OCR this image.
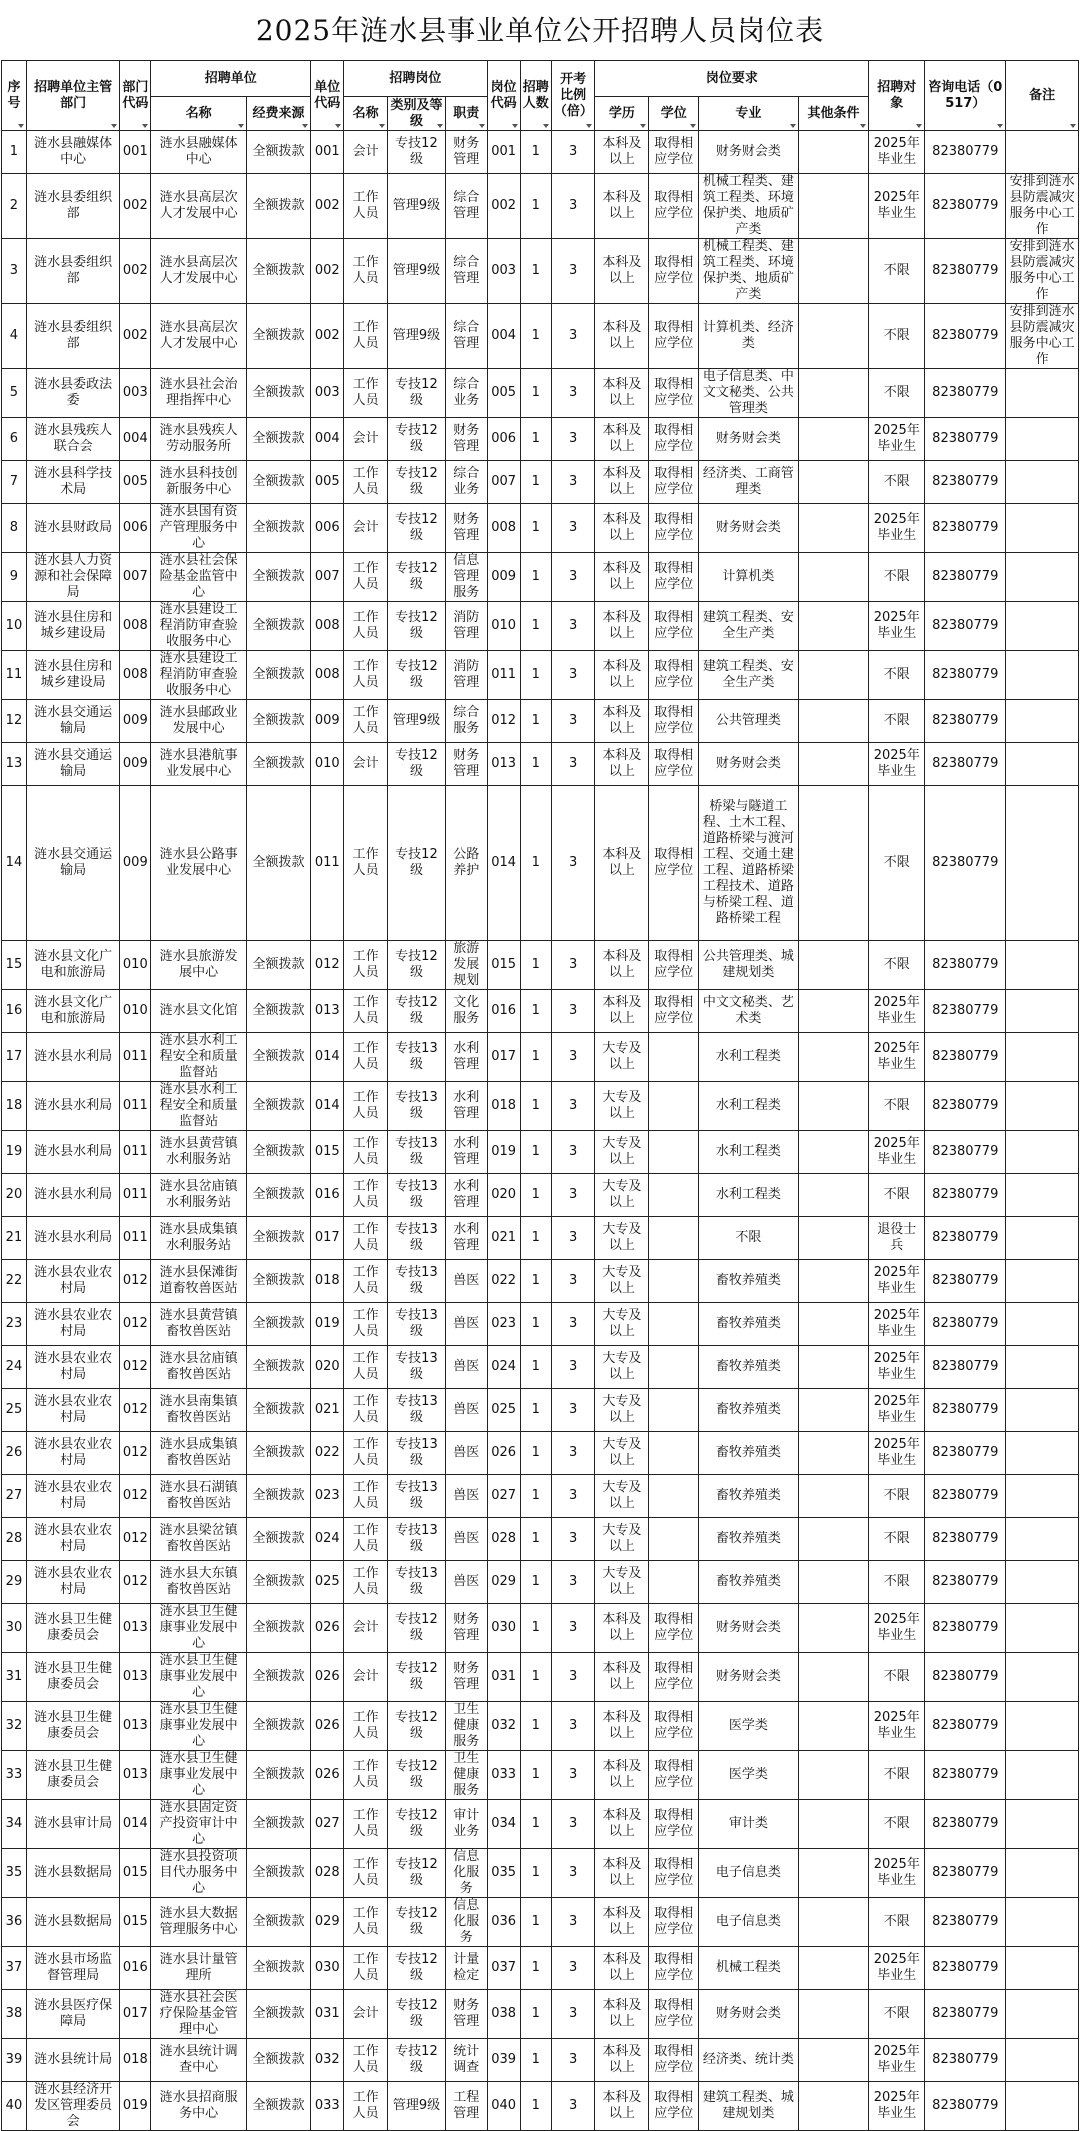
2025年涟水县事业单位公开招聘人员岗位表
序号	招聘单位主管部门	部门代码	招聘单位		单位代码	招聘岗位			岗位代码	招聘人数	开考比例（倍）	岗位要求				招聘对象	咨询电话（0517）	备注
			名称	经费来源		名称	类别及等级	职责				学历	学位	专业	其他条件			
1	涟水县融媒体中心	001	涟水县融媒体中心	全额拨款	001	会计	专技12级	财务管理	001	1	3	本科及以上	取得相应学位	财务财会类		2025年毕业生	82380779	
2	涟水县委组织部	002	涟水县高层次人才发展中心	全额拨款	002	工作人员	管理9级	综合管理	002	1	3	本科及以上	取得相应学位	机械工程类、建筑工程类、环境保护类、地质矿产类		2025年毕业生	82380779	安排到涟水县防震减灾服务中心工作
3	涟水县委组织部	002	涟水县高层次人才发展中心	全额拨款	002	工作人员	管理9级	综合管理	003	1	3	本科及以上	取得相应学位	机械工程类、建筑工程类、环境保护类、地质矿产类		不限	82380779	安排到涟水县防震减灾服务中心工作
4	涟水县委组织部	002	涟水县高层次人才发展中心	全额拨款	002	工作人员	管理9级	综合管理	004	1	3	本科及以上	取得相应学位	计算机类、经济类		不限	82380779	安排到涟水县防震减灾服务中心工作
5	涟水县委政法委	003	涟水县社会治理指挥中心	全额拨款	003	工作人员	专技12级	综合业务	005	1	3	本科及以上	取得相应学位	电子信息类、中文文秘类、公共管理类		不限	82380779	
6	涟水县残疾人联合会	004	涟水县残疾人劳动服务所	全额拨款	004	会计	专技12级	财务管理	006	1	3	本科及以上	取得相应学位	财务财会类		2025年毕业生	82380779	
7	涟水县科学技术局	005	涟水县科技创新服务中心	全额拨款	005	工作人员	专技12级	综合业务	007	1	3	本科及以上	取得相应学位	经济类、工商管理类		不限	82380779	
8	涟水县财政局	006	涟水县国有资产管理服务中心	全额拨款	006	会计	专技12级	财务管理	008	1	3	本科及以上	取得相应学位	财务财会类		2025年毕业生	82380779	
9	涟水县人力资源和社会保障局	007	涟水县社会保险基金监管中心	全额拨款	007	工作人员	专技12级	信息管理服务	009	1	3	本科及以上	取得相应学位	计算机类		不限	82380779	
10	涟水县住房和城乡建设局	008	涟水县建设工程消防审查验收服务中心	全额拨款	008	工作人员	专技12级	消防管理	010	1	3	本科及以上	取得相应学位	建筑工程类、安全生产类		2025年毕业生	82380779	
11	涟水县住房和城乡建设局	008	涟水县建设工程消防审查验收服务中心	全额拨款	008	工作人员	专技12级	消防管理	011	1	3	本科及以上	取得相应学位	建筑工程类、安全生产类		不限	82380779	
12	涟水县交通运输局	009	涟水县邮政业发展中心	全额拨款	009	工作人员	管理9级	综合服务	012	1	3	本科及以上	取得相应学位	公共管理类		不限	82380779	
13	涟水县交通运输局	009	涟水县港航事业发展中心	全额拨款	010	会计	专技12级	财务管理	013	1	3	本科及以上	取得相应学位	财务财会类		2025年毕业生	82380779	
14	涟水县交通运输局	009	涟水县公路事业发展中心	全额拨款	011	工作人员	专技12级	公路养护	014	1	3	本科及以上	取得相应学位	桥梁与隧道工程、土木工程、道路桥梁与渡河工程、交通土建工程、道路桥梁工程技术、道路与桥梁工程、道路桥梁工程		不限	82380779	
15	涟水县文化广电和旅游局	010	涟水县旅游发展中心	全额拨款	012	工作人员	专技12级	旅游发展规划	015	1	3	本科及以上	取得相应学位	公共管理类、城建规划类		不限	82380779	
16	涟水县文化广电和旅游局	010	涟水县文化馆	全额拨款	013	工作人员	专技12级	文化服务	016	1	3	本科及以上	取得相应学位	中文文秘类、艺术类		2025年毕业生	82380779	
17	涟水县水利局	011	涟水县水利工程安全和质量监督站	全额拨款	014	工作人员	专技13级	水利管理	017	1	3	大专及以上		水利工程类		2025年毕业生	82380779	
18	涟水县水利局	011	涟水县水利工程安全和质量监督站	全额拨款	014	工作人员	专技13级	水利管理	018	1	3	大专及以上		水利工程类		不限	82380779	
19	涟水县水利局	011	涟水县黄营镇水利服务站	全额拨款	015	工作人员	专技13级	水利管理	019	1	3	大专及以上		水利工程类		2025年毕业生	82380779	
20	涟水县水利局	011	涟水县岔庙镇水利服务站	全额拨款	016	工作人员	专技13级	水利管理	020	1	3	大专及以上		水利工程类		不限	82380779	
21	涟水县水利局	011	涟水县成集镇水利服务站	全额拨款	017	工作人员	专技13级	水利管理	021	1	3	大专及以上		不限		退役士兵	82380779	
22	涟水县农业农村局	012	涟水县保滩街道畜牧兽医站	全额拨款	018	工作人员	专技13级	兽医	022	1	3	大专及以上		畜牧养殖类		2025年毕业生	82380779	
23	涟水县农业农村局	012	涟水县黄营镇畜牧兽医站	全额拨款	019	工作人员	专技13级	兽医	023	1	3	大专及以上		畜牧养殖类		2025年毕业生	82380779	
24	涟水县农业农村局	012	涟水县岔庙镇畜牧兽医站	全额拨款	020	工作人员	专技13级	兽医	024	1	3	大专及以上		畜牧养殖类		2025年毕业生	82380779	
25	涟水县农业农村局	012	涟水县南集镇畜牧兽医站	全额拨款	021	工作人员	专技13级	兽医	025	1	3	大专及以上		畜牧养殖类		2025年毕业生	82380779	
26	涟水县农业农村局	012	涟水县成集镇畜牧兽医站	全额拨款	022	工作人员	专技13级	兽医	026	1	3	大专及以上		畜牧养殖类		2025年毕业生	82380779	
27	涟水县农业农村局	012	涟水县石湖镇畜牧兽医站	全额拨款	023	工作人员	专技13级	兽医	027	1	3	大专及以上		畜牧养殖类		不限	82380779	
28	涟水县农业农村局	012	涟水县梁岔镇畜牧兽医站	全额拨款	024	工作人员	专技13级	兽医	028	1	3	大专及以上		畜牧养殖类		不限	82380779	
29	涟水县农业农村局	012	涟水县大东镇畜牧兽医站	全额拨款	025	工作人员	专技13级	兽医	029	1	3	大专及以上		畜牧养殖类		不限	82380779	
30	涟水县卫生健康委员会	013	涟水县卫生健康事业发展中心	全额拨款	026	会计	专技12级	财务管理	030	1	3	本科及以上	取得相应学位	财务财会类		2025年毕业生	82380779	
31	涟水县卫生健康委员会	013	涟水县卫生健康事业发展中心	全额拨款	026	会计	专技12级	财务管理	031	1	3	本科及以上	取得相应学位	财务财会类		不限	82380779	
32	涟水县卫生健康委员会	013	涟水县卫生健康事业发展中心	全额拨款	026	工作人员	专技12级	卫生健康服务	032	1	3	本科及以上	取得相应学位	医学类		2025年毕业生	82380779	
33	涟水县卫生健康委员会	013	涟水县卫生健康事业发展中心	全额拨款	026	工作人员	专技12级	卫生健康服务	033	1	3	本科及以上	取得相应学位	医学类		不限	82380779	
34	涟水县审计局	014	涟水县固定资产投资审计中心	全额拨款	027	工作人员	专技12级	审计业务	034	1	3	本科及以上	取得相应学位	审计类		不限	82380779	
35	涟水县数据局	015	涟水县投资项目代办服务中心	全额拨款	028	工作人员	专技12级	信息化服务	035	1	3	本科及以上	取得相应学位	电子信息类		2025年毕业生	82380779	
36	涟水县数据局	015	涟水县大数据管理服务中心	全额拨款	029	工作人员	专技12级	信息化服务	036	1	3	本科及以上	取得相应学位	电子信息类		不限	82380779	
37	涟水县市场监督管理局	016	涟水县计量管理所	全额拨款	030	工作人员	专技12级	计量检定	037	1	3	本科及以上	取得相应学位	机械工程类		2025年毕业生	82380779	
38	涟水县医疗保障局	017	涟水县社会医疗保险基金管理中心	全额拨款	031	会计	专技12级	财务管理	038	1	3	本科及以上	取得相应学位	财务财会类		不限	82380779	
39	涟水县统计局	018	涟水县统计调查中心	全额拨款	032	工作人员	专技12级	统计调查	039	1	3	本科及以上	取得相应学位	经济类、统计类		2025年毕业生	82380779	
40	涟水县经济开发区管理委员会	019	涟水县招商服务中心	全额拨款	033	工作人员	管理9级	工程管理	040	1	3	本科及以上	取得相应学位	建筑工程类、城建规划类		2025年毕业生	82380779	
